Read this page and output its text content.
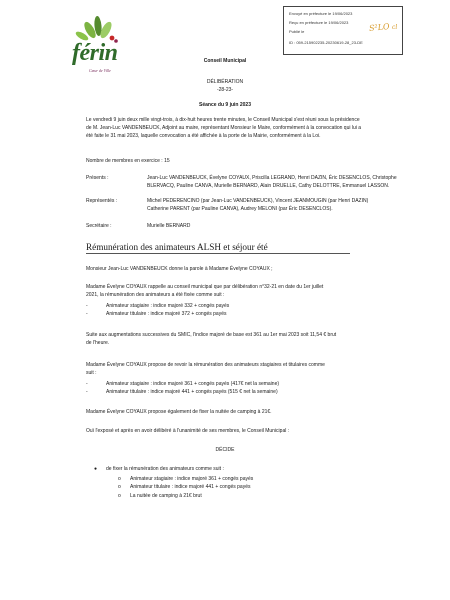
férin
Cœur de Ville
Envoyé en préfecture le 19/06/2023
Reçu en préfecture le 19/06/2023
Publié le
ID : 059-215902235-20230619-28_23-DE
S²LO cl
Conseil Municipal
DÉLIBÉRATION
-28-23-
Séance du 9 juin 2023
Le vendredi 9 juin deux mille vingt-trois, à dix-huit heures trente minutes, le Conseil Municipal s'est réuni sous la présidence
de M. Jean-Luc VANDENBEUCK, Adjoint au maire, représentant Monsieur le Maire, conformément à la convocation qui lui a
été faite le 31 mai 2023, laquelle convocation a été affichée à la porte de la Mairie, conformément à la Loi.
Nombre de membres en exercice : 15
Présents :	Jean-Luc VANDENBEUCK, Évelyne COYAUX, Priscilla LEGRAND, Henri DAZIN, Éric DESENCLOS, Christophe
BLERVACQ, Pauline CANVA, Murielle BERNARD, Alain DRUELLE, Cathy DELOTTRE, Emmanuel LASSON.
Représentés :	Michel PEDERENCINO (par Jean-Luc VANDENBEUCK), Vincent JEANMOUGIN (par Henri DAZIN)
Catherine PARENT (par Pauline CANVA), Audrey MELONI (par Éric DESENCLOS).
Secrétaire :	Murielle BERNARD
Rémunération des animateurs ALSH et séjour été
Monsieur Jean-Luc VANDENBEUCK donne la parole à Madame Évelyne COYAUX ;
Madame Évelyne COYAUX rappelle au conseil municipal que par délibération n°32-21 en date du 1er juillet
2021, la rémunération des animateurs a été fixée comme suit :
-	Animateur stagiaire : indice majoré 332 + congés payés
-	Animateur titulaire : indice majoré 372 + congés payés
Suite aux augmentations successives du SMIC, l'indice majoré de base est 361 au 1er mai 2023 soit 11,54 € brut
de l'heure.
Madame Évelyne COYAUX propose de revoir la rémunération des animateurs stagiaires et titulaires comme
suit :
-	Animateur stagiaire : indice majoré 361 + congés payés (417€ net la semaine)
-	Animateur titulaire : indice majoré 441 + congés payés (515 € net la semaine)
Madame Évelyne COYAUX propose également de fixer la nuitée de camping à 21€.
Ouï l'exposé et après en avoir délibéré à l'unanimité de ses membres, le Conseil Municipal :
DÉCIDE
● de fixer la rémunération des animateurs comme suit :
o Animateur stagiaire : indice majoré 361 + congés payés
o Animateur titulaire : indice majoré 441 + congés payés
o La nuitée de camping à 21€ brut
